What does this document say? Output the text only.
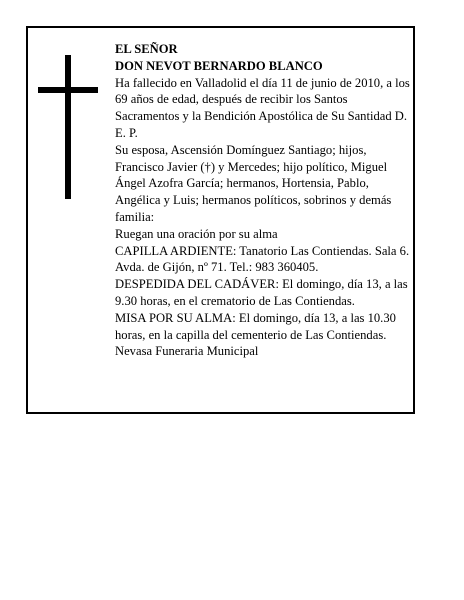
EL SEÑOR

DON NEVOT BERNARDO BLANCO

Ha fallecido en Valladolid el día 11 de junio de 2010, a los 69 años de edad, después de recibir los Santos Sacramentos y la Bendición Apostólica de Su Santidad D. E. P.

Su esposa, Ascensión Domínguez Santiago; hijos, Francisco Javier (†) y Mercedes; hijo político, Miguel Ángel Azofra García; hermanos, Hortensia, Pablo, Angélica y Luis; hermanos políticos, sobrinos y demás familia:

Ruegan una oración por su alma

CAPILLA ARDIENTE: Tanatorio Las Contiendas. Sala 6. Avda. de Gijón, nº 71. Tel.: 983 360405.

DESPEDIDA DEL CADÁVER: El domingo, día 13, a las 9.30 horas, en el crematorio de Las Contiendas.

MISA POR SU ALMA: El domingo, día 13, a las 10.30 horas, en la capilla del cementerio de Las Contiendas.

Nevasa Funeraria Municipal
